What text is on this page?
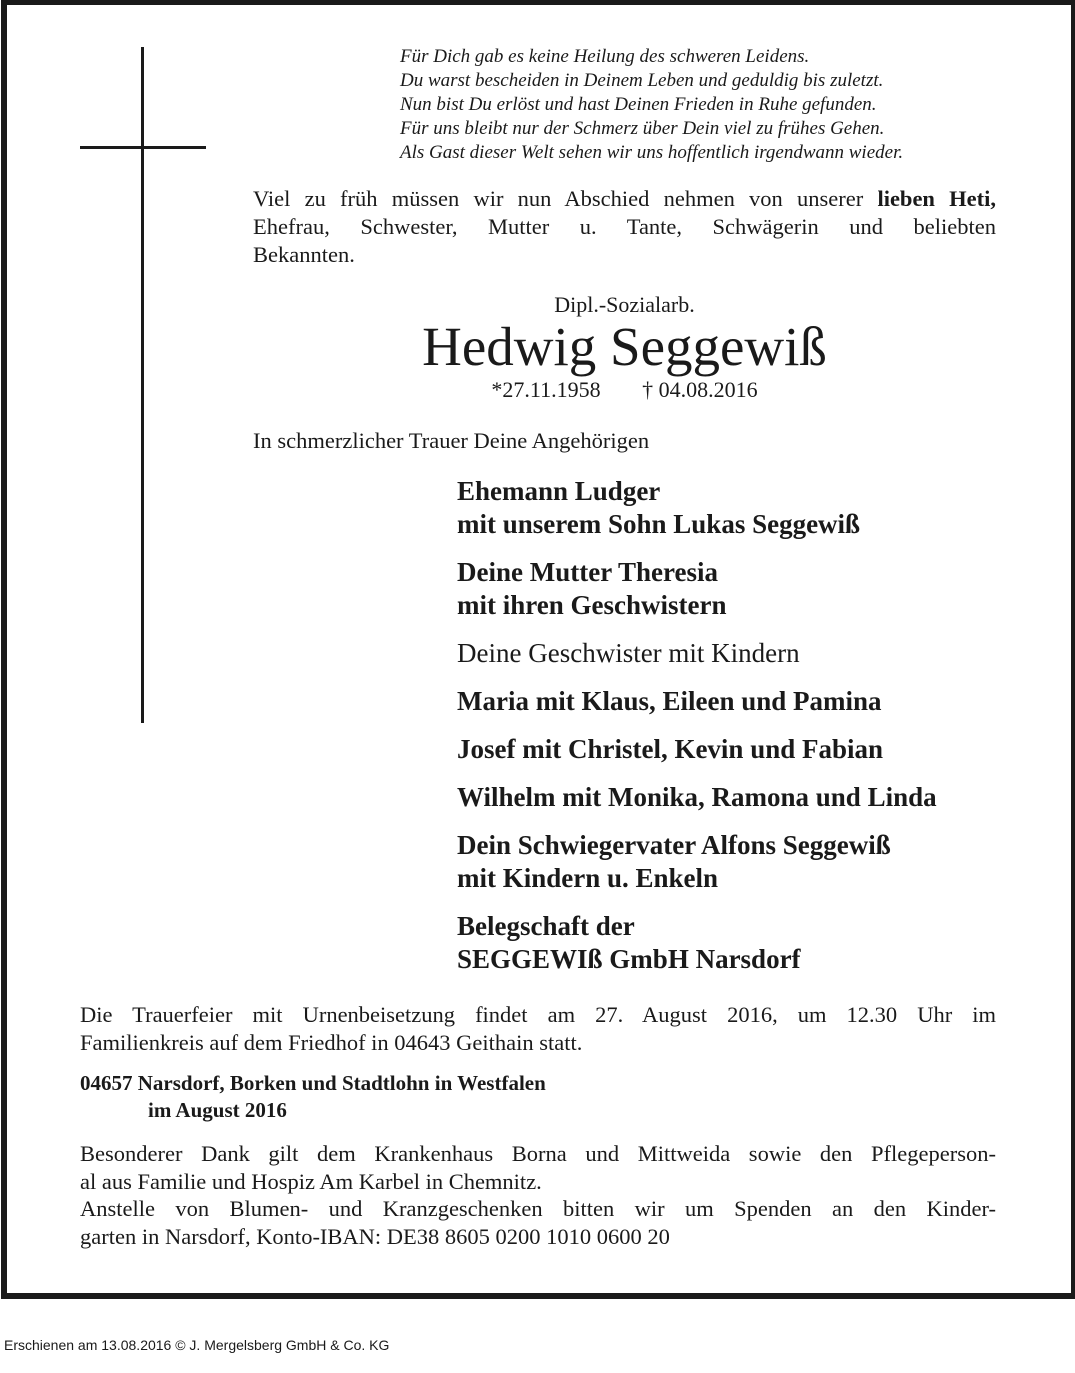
Für Dich gab es keine Heilung des schweren Leidens.
Du warst bescheiden in Deinem Leben und geduldig bis zuletzt.
Nun bist Du erlöst und hast Deinen Frieden in Ruhe gefunden.
Für uns bleibt nur der Schmerz über Dein viel zu frühes Gehen.
Als Gast dieser Welt sehen wir uns hoffentlich irgendwann wieder.
Viel zu früh müssen wir nun Abschied nehmen von unserer lieben Heti,
Ehefrau, Schwester, Mutter u. Tante, Schwägerin und beliebten
Bekannten.
Dipl.-Sozialarb.
Hedwig Seggewiß
*27.11.1958 † 04.08.2016
In schmerzlicher Trauer Deine Angehörigen
Ehemann Ludger
mit unserem Sohn Lukas Seggewiß
Deine Mutter Theresia
mit ihren Geschwistern
Deine Geschwister mit Kindern
Maria mit Klaus, Eileen und Pamina
Josef mit Christel, Kevin und Fabian
Wilhelm mit Monika, Ramona und Linda
Dein Schwiegervater Alfons Seggewiß
mit Kindern u. Enkeln
Belegschaft der
SEGGEWIß GmbH Narsdorf
Die Trauerfeier mit Urnenbeisetzung findet am 27. August 2016, um 12.30 Uhr im
Familienkreis auf dem Friedhof in 04643 Geithain statt.
04657 Narsdorf, Borken und Stadtlohn in Westfalen
im August 2016
Besonderer Dank gilt dem Krankenhaus Borna und Mittweida sowie den Pflegeperson-
al aus Familie und Hospiz Am Karbel in Chemnitz.
Anstelle von Blumen- und Kranzgeschenken bitten wir um Spenden an den Kinder-
garten in Narsdorf, Konto-IBAN: DE38 8605 0200 1010 0600 20
Erschienen am 13.08.2016 © J. Mergelsberg GmbH & Co. KG
